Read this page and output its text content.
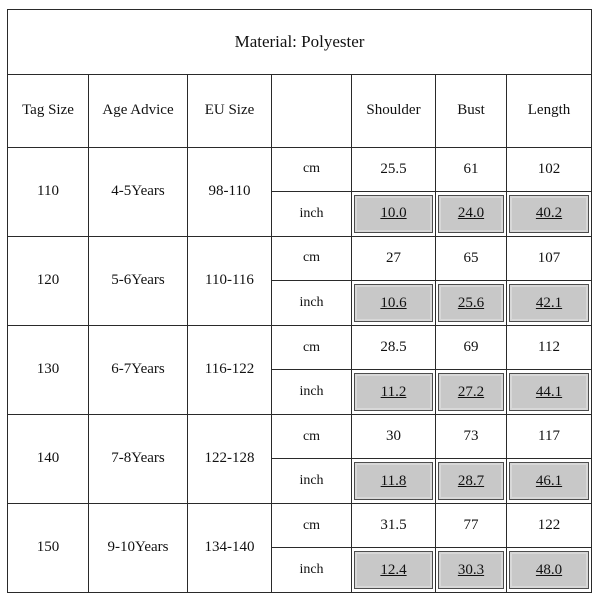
Material: Polyester						
Tag Size	Age Advice	EU Size		Shoulder	Bust	Length
110	4-5Years	98-110	cm	25.5	61	102
			inch	10.0	24.0	40.2

120	5-6Years	110-116	cm	27	65	107
			inch	10.6	25.6	42.1

130	6-7Years	116-122	cm	28.5	69	112
			inch	11.2	27.2	44.1

140	7-8Years	122-128	cm	30	73	117
			inch	11.8	28.7	46.1

150	9-10Years	134-140	cm	31.5	77	122
			inch	12.4	30.3	48.0
